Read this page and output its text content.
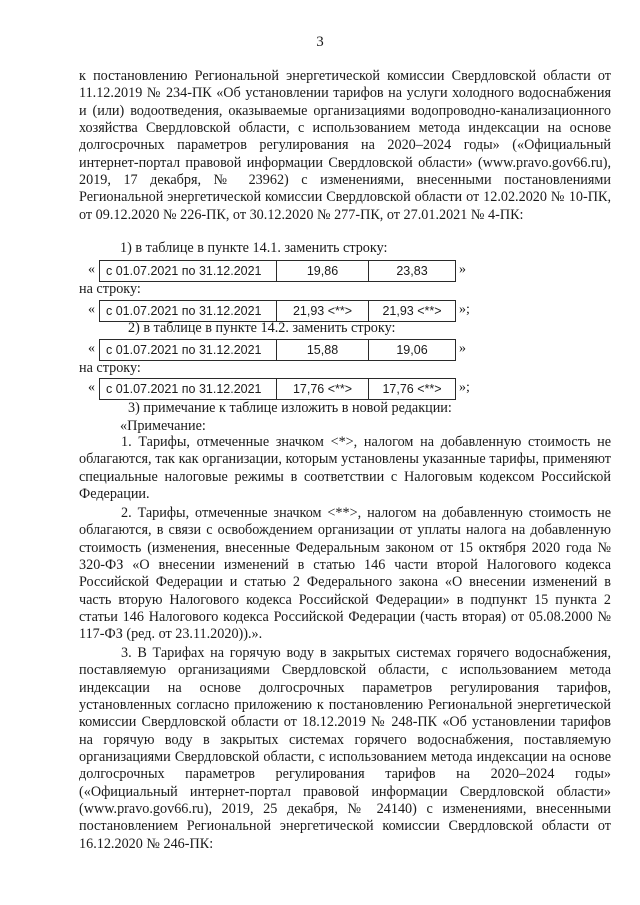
3

к постановлению Региональной энергетической комиссии Свердловской области от 11.12.2019 № 234-ПК «Об установлении тарифов на услуги холодного водоснабжения и (или) водоотведения, оказываемые организациями водопроводно-канализационного хозяйства Свердловской области, с использованием метода индексации на основе долгосрочных параметров регулирования на 2020–2024 годы» («Официальный интернет-портал правовой информации Свердловской области» (www.pravo.gov66.ru), 2019, 17 декабря, № 23962) с изменениями, внесенными постановлениями Региональной энергетической комиссии Свердловской области от 12.02.2020 № 10-ПК, от 09.12.2020 № 226-ПК, от 30.12.2020 № 277-ПК, от 27.01.2021 № 4-ПК:

1) в таблице в пункте 14.1. заменить строку:
« с 01.07.2021 по 31.12.2021	19,86	23,83	»
на строку:
« с 01.07.2021 по 31.12.2021	21,93 <**>	21,93 <**>	»;
2) в таблице в пункте 14.2. заменить строку:
« с 01.07.2021 по 31.12.2021	15,88	19,06	»
на строку:
« с 01.07.2021 по 31.12.2021	17,76 <**>	17,76 <**>	»;
3) примечание к таблице изложить в новой редакции:
«Примечание:

1. Тарифы, отмеченные значком <*>, налогом на добавленную стоимость не облагаются, так как организации, которым установлены указанные тарифы, применяют специальные налоговые режимы в соответствии с Налоговым кодексом Российской Федерации.

2. Тарифы, отмеченные значком <**>, налогом на добавленную стоимость не облагаются, в связи с освобождением организации от уплаты налога на добавленную стоимость (изменения, внесенные Федеральным законом от 15 октября 2020 года № 320-ФЗ «О внесении изменений в статью 146 части второй Налогового кодекса Российской Федерации и статью 2 Федерального закона «О внесении изменений в часть вторую Налогового кодекса Российской Федерации» в подпункт 15 пункта 2 статьи 146 Налогового кодекса Российской Федерации (часть вторая) от 05.08.2000 № 117-ФЗ (ред. от 23.11.2020)).».

3. В Тарифах на горячую воду в закрытых системах горячего водоснабжения, поставляемую организациями Свердловской области, с использованием метода индексации на основе долгосрочных параметров регулирования тарифов, установленных согласно приложению к постановлению Региональной энергетической комиссии Свердловской области от 18.12.2019 № 248-ПК «Об установлении тарифов на горячую воду в закрытых системах горячего водоснабжения, поставляемую организациями Свердловской области, с использованием метода индексации на основе долгосрочных параметров регулирования тарифов на 2020–2024 годы» («Официальный интернет-портал правовой информации Свердловской области» (www.pravo.gov66.ru), 2019, 25 декабря, № 24140) с изменениями, внесенными постановлением Региональной энергетической комиссии Свердловской области от 16.12.2020 № 246-ПК:
